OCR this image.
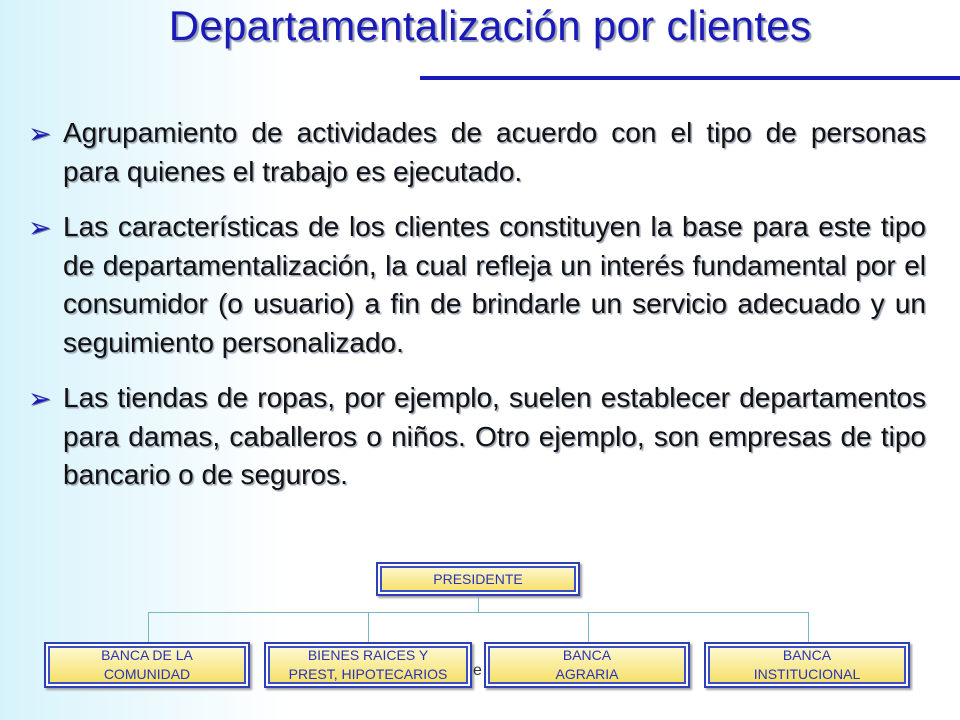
Departamentalización por clientes
➢ Agrupamiento de actividades de acuerdo con el tipo de personas para quienes el trabajo es ejecutado.
➢ Las características de los clientes constituyen la base para este tipo de departamentalización, la cual refleja un interés fundamental por el consumidor (o usuario) a fin de brindarle un servicio adecuado y un seguimiento personalizado.
➢ Las tiendas de ropas, por ejemplo, suelen establecer departamentos para damas, caballeros o niños. Otro ejemplo, son empresas de tipo bancario o de seguros.
PRESIDENTE
BANCA DE LA
COMUNIDAD
BIENES RAICES Y
PREST, HIPOTECARIOS e
BANCA
AGRARIA
BANCA
INSTITUCIONAL
